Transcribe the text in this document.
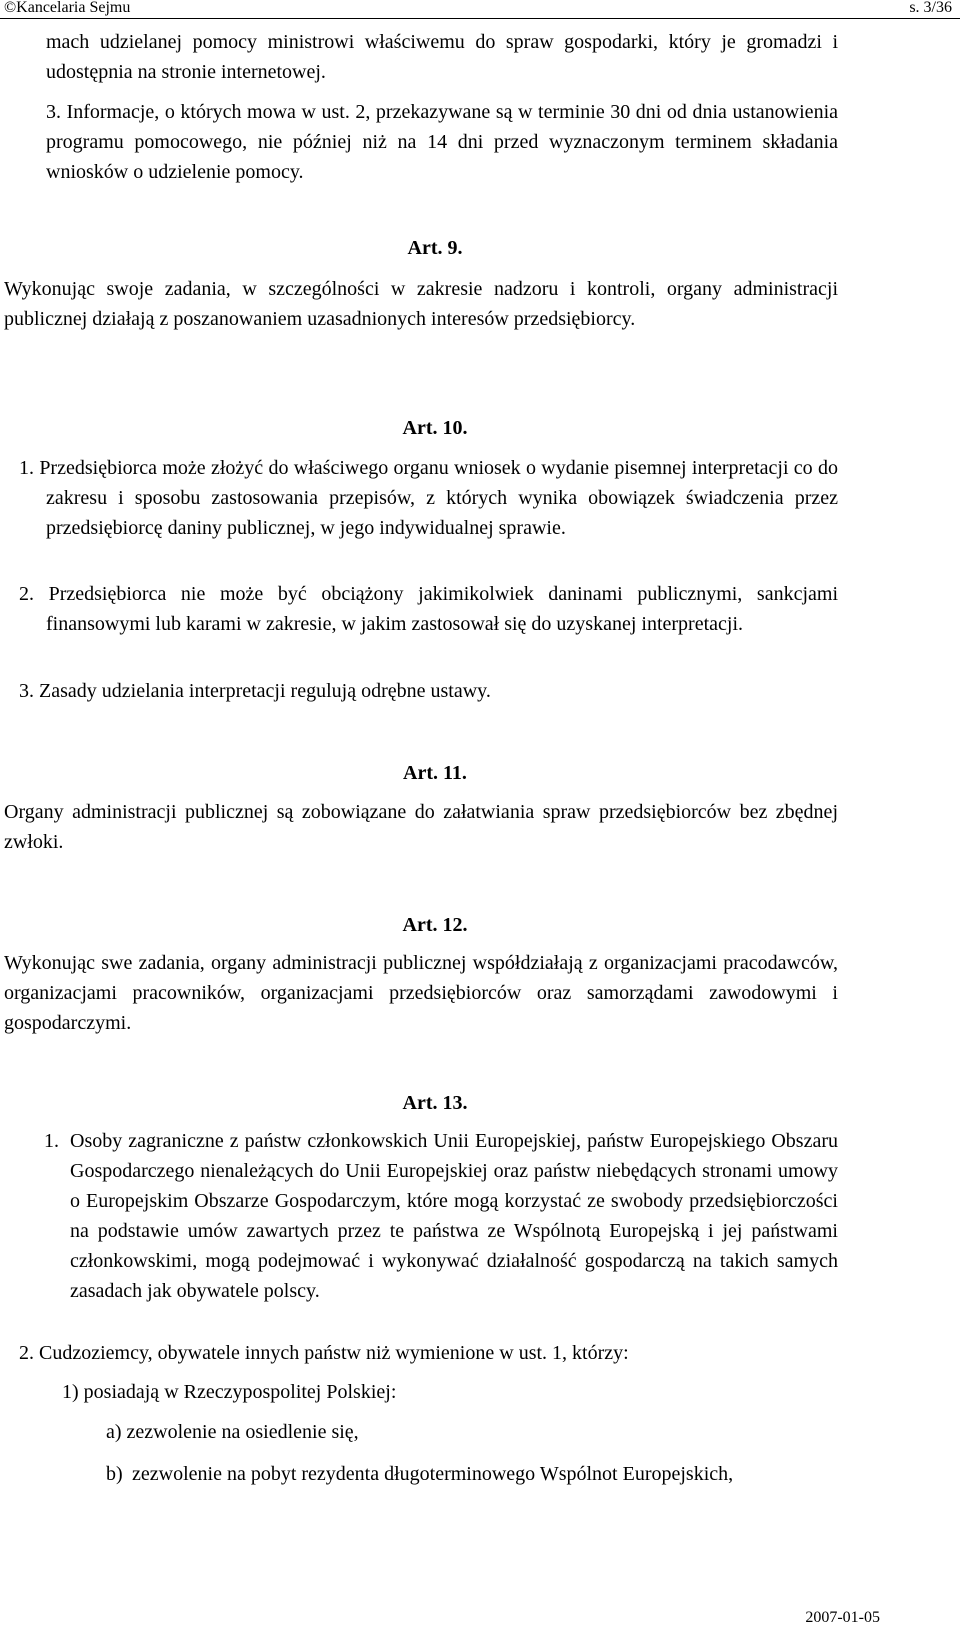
©Kancelaria Sejmu	s. 3/36

mach udzielanej pomocy ministrowi właściwemu do spraw gospodarki, który je gromadzi i udostępnia na stronie internetowej.

3. Informacje, o których mowa w ust. 2, przekazywane są w terminie 30 dni od dnia ustanowienia programu pomocowego, nie później niż na 14 dni przed wyznaczonym terminem składania wniosków o udzielenie pomocy.

Art. 9.

Wykonując swoje zadania, w szczególności w zakresie nadzoru i kontroli, organy administracji publicznej działają z poszanowaniem uzasadnionych interesów przedsiębiorcy.

Art. 10.

1. Przedsiębiorca może złożyć do właściwego organu wniosek o wydanie pisemnej interpretacji co do zakresu i sposobu zastosowania przepisów, z których wynika obowiązek świadczenia przez przedsiębiorcę daniny publicznej, w jego indywidualnej sprawie.

2. Przedsiębiorca nie może być obciążony jakimikolwiek daninami publicznymi, sankcjami finansowymi lub karami w zakresie, w jakim zastosował się do uzyskanej interpretacji.

3. Zasady udzielania interpretacji regulują odrębne ustawy.

Art. 11.

Organy administracji publicznej są zobowiązane do załatwiania spraw przedsiębiorców bez zbędnej zwłoki.

Art. 12.

Wykonując swe zadania, organy administracji publicznej współdziałają z organizacjami pracodawców, organizacjami pracowników, organizacjami przedsiębiorców oraz samorządami zawodowymi i gospodarczymi.

Art. 13.
1. Osoby zagraniczne z państw członkowskich Unii Europejskiej, państw Europejskiego Obszaru Gospodarczego nienależących do Unii Europejskiej oraz państw niebędących stronami umowy o Europejskim Obszarze Gospodarczym, które mogą korzystać ze swobody przedsiębiorczości na podstawie umów zawartych przez te państwa ze Wspólnotą Europejską i jej państwami członkowskimi, mogą podejmować i wykonywać działalność gospodarczą na takich samych zasadach jak obywatele polscy.

2. Cudzoziemcy, obywatele innych państw niż wymienione w ust. 1, którzy:

1) posiadają w Rzeczypospolitej Polskiej:

a) zezwolenie na osiedlenie się,

b) zezwolenie na pobyt rezydenta długoterminowego Wspólnot Europejskich,
2007-01-05
